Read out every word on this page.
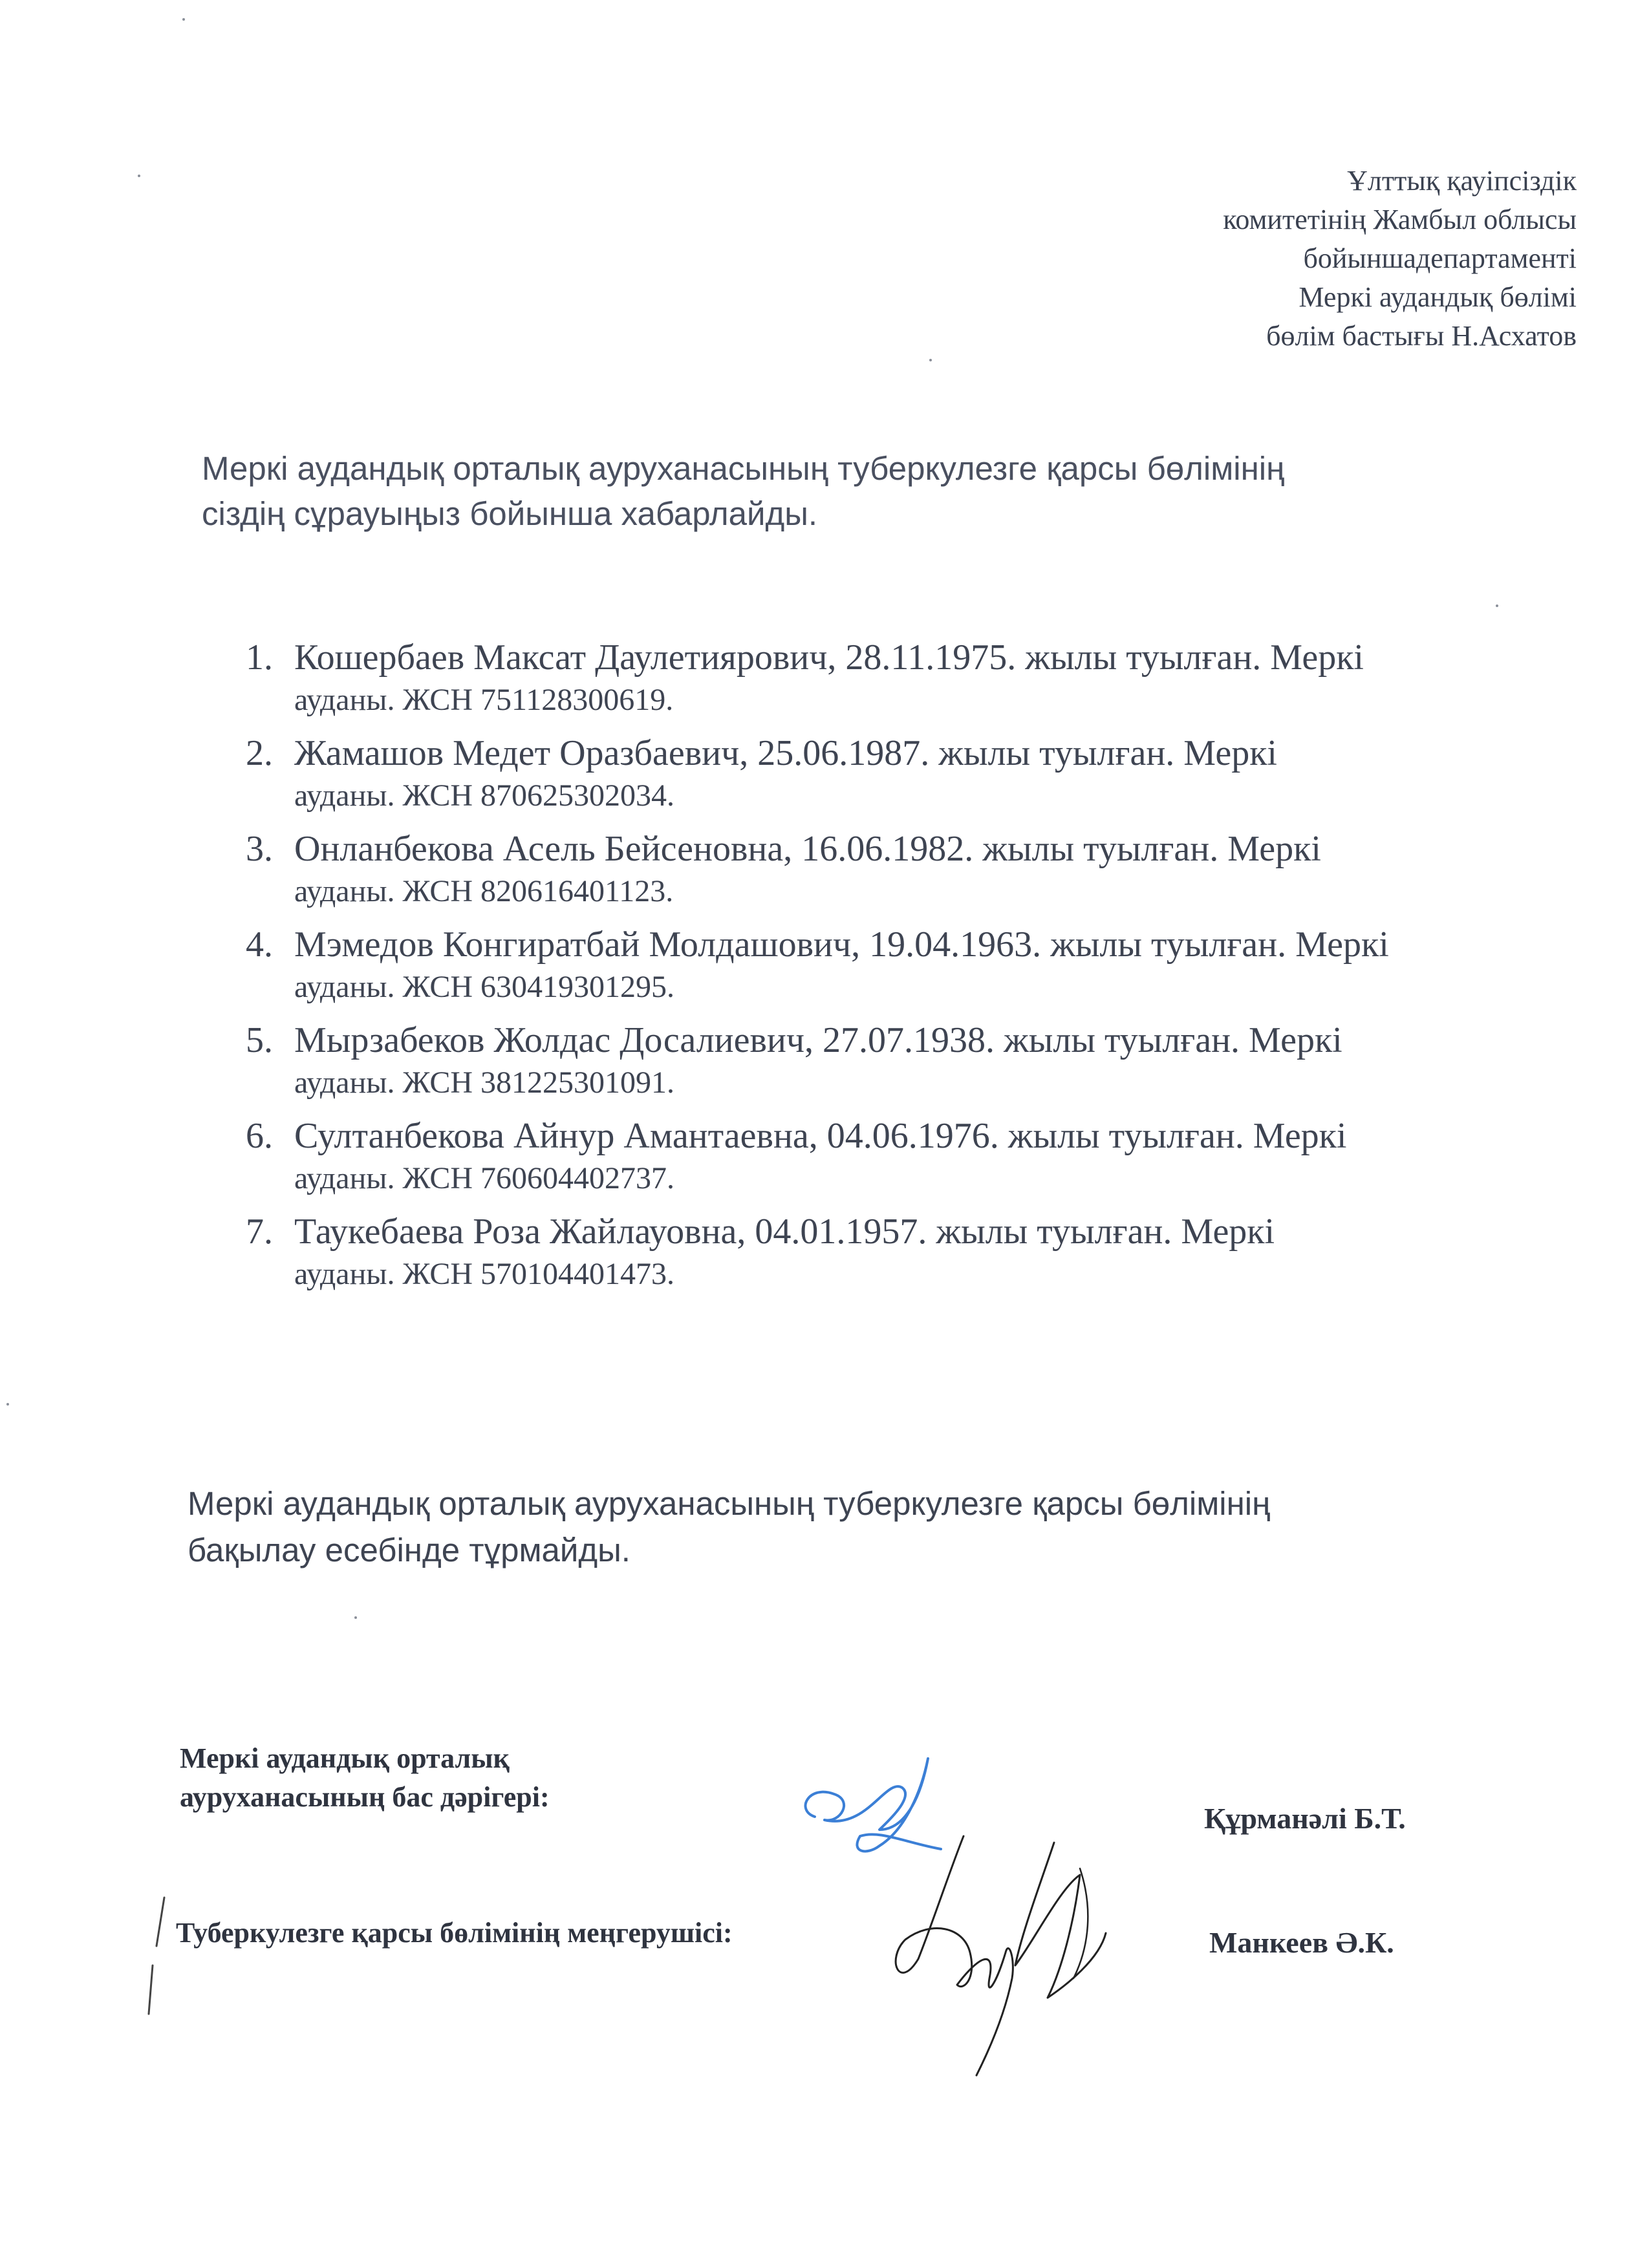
Ұлттық қауіпсіздік
комитетінің Жамбыл облысы
бойыншадепартаменті
Меркі аудандық бөлімі
бөлім бастығы Н.Асхатов
Меркі аудандық орталық ауруханасының туберкулезге қарсы бөлімінің
сіздің сұрауыңыз бойынша хабарлайды.
1. Кошербаев Максат Даулетиярович, 28.11.1975. жылы туылған. Меркі
ауданы. ЖСН 751128300619.
2. Жамашов Медет Оразбаевич, 25.06.1987. жылы туылған. Меркі
ауданы. ЖСН 870625302034.
3. Онланбекова Асель Бейсеновна, 16.06.1982. жылы туылған. Меркі
ауданы. ЖСН 820616401123.
4. Мэмедов Конгиратбай Молдашович, 19.04.1963. жылы туылған. Меркі
ауданы. ЖСН 630419301295.
5. Мырзабеков Жолдас Досалиевич, 27.07.1938. жылы туылған. Меркі
ауданы. ЖСН 381225301091.
6. Султанбекова Айнур Амантаевна, 04.06.1976. жылы туылған. Меркі
ауданы. ЖСН 760604402737.
7. Таукебаева Роза Жайлауовна, 04.01.1957. жылы туылған. Меркі
ауданы. ЖСН 570104401473.
Меркі аудандық орталық ауруханасының туберкулезге қарсы бөлімінің
бақылау есебінде тұрмайды.
Меркі аудандық орталық
ауруханасының бас дәрігері:
Құрманәлі Б.Т.
Туберкулезге қарсы бөлімінің меңгерушісі:	Манкеев Ә.К.
